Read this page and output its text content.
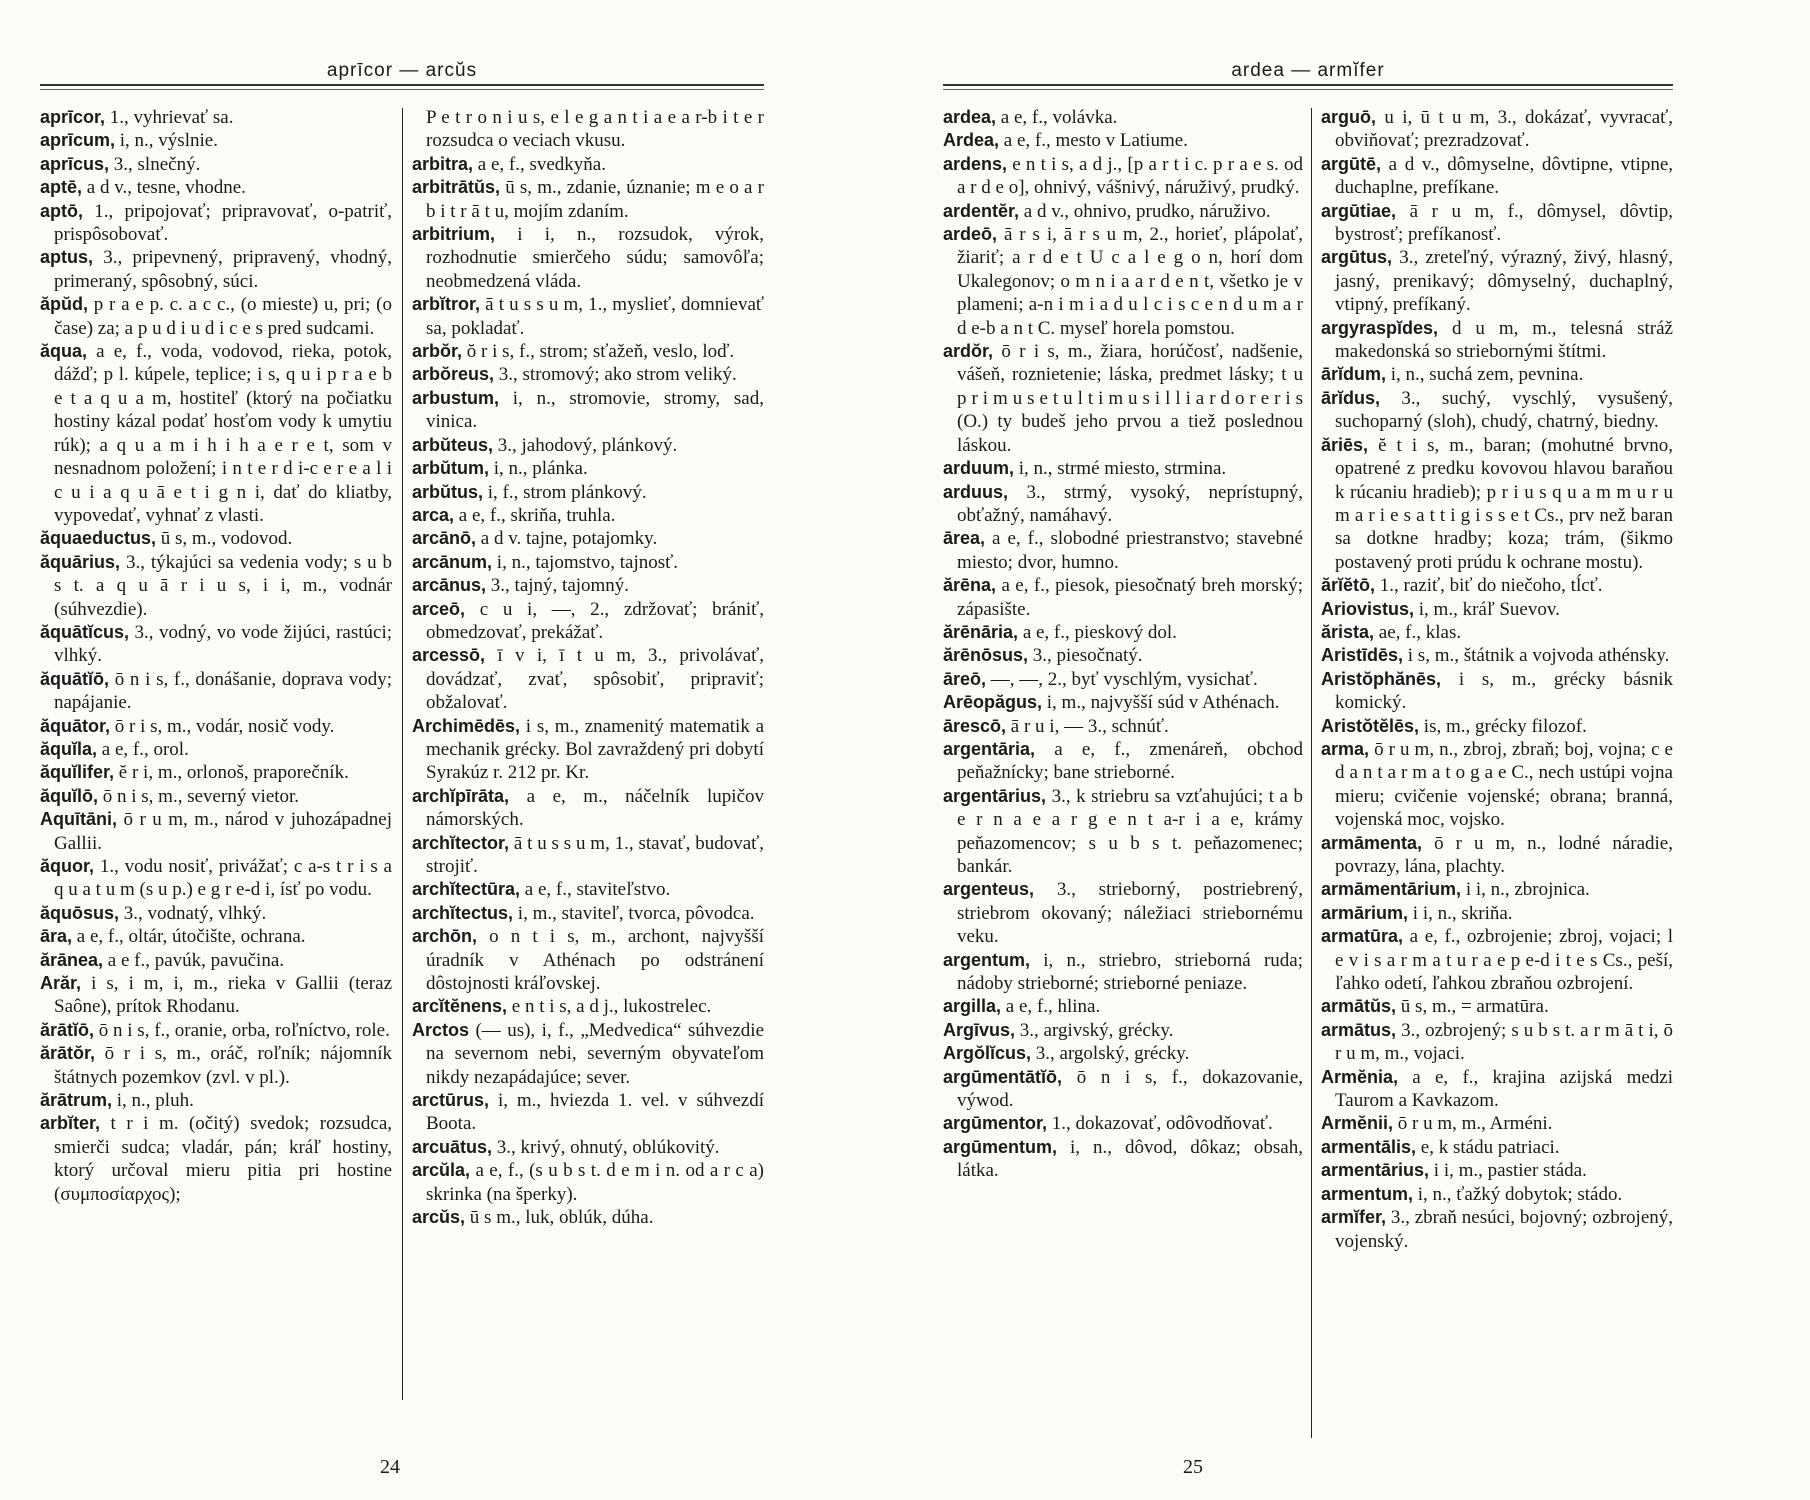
aprīcor — arcŭs
aprīcor, 1., vyhrievať sa.
aprīcum, i, n., výslnie.
aprīcus, 3., slnečný.
aptē, a d v., tesne, vhodne.
aptō, 1., pripojovať; pripravovať, o-patriť, prispôsobovať.
aptus, 3., pripevnený, pripravený, vhodný, primeraný, spôsobný, súci.
ăpŭd, p r a e p. c. a c c., (o mieste) u, pri; (o čase) za; a p u d i u d i c e s pred sudcami.
ăqua, a e, f., voda, vodovod, rieka, potok, dážď; p l. kúpele, teplice; i s, q u i p r a e b e t a q u a m, hostiteľ (ktorý na počiatku hostiny kázal podať hosťom vody k umytiu rúk); a q u a m i h i h a e r e t, som v nesnadnom položení; i n t e r d i-c e r e a l i c u i a q u ā e t i g n i, dať do kliatby, vypovedať, vyhnať z vlasti.
ăquaeductus, ū s, m., vodovod.
ăquārius, 3., týkajúci sa vedenia vody; s u b s t. a q u ā r i u s, i i, m., vodnár (súhvezdie).
ăquātĭcus, 3., vodný, vo vode žijúci, rastúci; vlhký.
ăquātĭō, ō n i s, f., donášanie, doprava vody; napájanie.
ăquātor, ō r i s, m., vodár, nosič vody.
ăquĭla, a e, f., orol.
ăquĭlifer, ĕ r i, m., orlonoš, praporečník.
ăquĭlō, ō n i s, m., severný vietor.
Aquītāni, ō r u m, m., národ v juhozápadnej Gallii.
ăquor, 1., vodu nosiť, privážať; c a-s t r i s a q u a t u m (s u p.) e g r e-d i, ísť po vodu.
ăquōsus, 3., vodnatý, vlhký.
āra, a e, f., oltár, útočište, ochrana.
ărānea, a e f., pavúk, pavučina.
Arăr, i s, i m, i, m., rieka v Gallii (teraz Saône), prítok Rhodanu.
ărātĭō, ō n i s, f., oranie, orba, roľníctvo, role.
ărātŏr, ō r i s, m., oráč, roľník; nájomník štátnych pozemkov (zvl. v pl.).
ărātrum, i, n., pluh.
arbĭter, t r i m. (očitý) svedok; rozsudca, smierči sudca; vladár, pán; kráľ hostiny, ktorý určoval mieru pitia pri hostine (συμποσίαρχος);
P e t r o n i u s, e l e g a n t i a e a r-b i t e r rozsudca o veciach vkusu.
arbitra, a e, f., svedkyňa.
arbitrātŭs, ū s, m., zdanie, úznanie; m e o a r b i t r ā t u, mojím zdaním.
arbitrium, i i, n., rozsudok, výrok, rozhodnutie smierčeho súdu; samovôľa; neobmedzená vláda.
arbĭtror, ā t u s s u m, 1., myslieť, domnievať sa, pokladať.
arbŏr, ŏ r i s, f., strom; sťažeň, veslo, loď.
arbŏreus, 3., stromový; ako strom veliký.
arbustum, i, n., stromovie, stromy, sad, vinica.
arbŭteus, 3., jahodový, plánkový.
arbŭtum, i, n., plánka.
arbŭtus, i, f., strom plánkový.
arca, a e, f., skriňa, truhla.
arcānō, a d v. tajne, potajomky.
arcānum, i, n., tajomstvo, tajnosť.
arcānus, 3., tajný, tajomný.
arceō, c u i, —, 2., zdržovať; brániť, obmedzovať, prekážať.
arcessō, ī v i, ī t u m, 3., privolávať, dovádzať, zvať, spôsobiť, pripraviť; obžalovať.
Archimēdēs, i s, m., znamenitý matematik a mechanik grécky. Bol zavraždený pri dobytí Syrakúz r. 212 pr. Kr.
archĭpīrāta, a e, m., náčelník lupičov námorských.
archĭtector, ā t u s s u m, 1., stavať, budovať, strojiť.
archĭtectūra, a e, f., staviteľstvo.
archĭtectus, i, m., staviteľ, tvorca, pôvodca.
archōn, o n t i s, m., archont, najvyšší úradník v Athénach po odstránení dôstojnosti kráľovskej.
arcĭtĕnens, e n t i s, a d j., lukostrelec.
Arctos (— us), i, f., „Medvedica“ súhvezdie na severnom nebi, severným obyvateľom nikdy nezapádajúce; sever.
arctūrus, i, m., hviezda 1. vel. v súhvezdí Boota.
arcuātus, 3., krivý, ohnutý, oblúkovitý.
arcŭla, a e, f., (s u b s t. d e m i n. od a r c a) skrinka (na šperky).
arcŭs, ū s m., luk, oblúk, dúha.
24
ardea — armĭfer
ardea, a e, f., volávka.
Ardea, a e, f., mesto v Latiume.
ardens, e n t i s, a d j., [p a r t i c. p r a e s. od a r d e o], ohnivý, vášnivý, náruživý, prudký.
ardentĕr, a d v., ohnivo, prudko, náruživo.
ardeō, ā r s i, ā r s u m, 2., horieť, plápolať, žiariť; a r d e t U c a l e g o n, horí dom Ukalegonov; o m n i a a r d e n t, všetko je v plameni; a-n i m i a d u l c i s c e n d u m a r d e-b a n t C. myseľ horela pomstou.
ardŏr, ō r i s, m., žiara, horúčosť, nadšenie, vášeň, roznietenie; láska, predmet lásky; t u p r i m u s e t u l t i m u s i l l i a r d o r e r i s (O.) ty budeš jeho prvou a tiež poslednou láskou.
arduum, i, n., strmé miesto, strmina.
arduus, 3., strmý, vysoký, neprístupný, obťažný, namáhavý.
ārea, a e, f., slobodné priestranstvo; stavebné miesto; dvor, humno.
ărēna, a e, f., piesok, piesočnatý breh morský; zápasište.
ărēnāria, a e, f., pieskový dol.
ărēnōsus, 3., piesočnatý.
āreō, —, —, 2., byť vyschlým, vysichať.
Arēopăgus, i, m., najvyšší súd v Athénach.
ārescō, ā r u i, — 3., schnúť.
argentāria, a e, f., zmenáreň, obchod peňažnícky; bane strieborné.
argentārius, 3., k striebru sa vzťahujúci; t a b e r n a e a r g e n t a-r i a e, krámy peňazomencov; s u b s t. peňazomenec; bankár.
argenteus, 3., strieborný, postriebrený, striebrom okovaný; náležiaci striebornému veku.
argentum, i, n., striebro, strieborná ruda; nádoby strieborné; strieborné peniaze.
argilla, a e, f., hlina.
Argīvus, 3., argivský, grécky.
Argŏlĭcus, 3., argolský, grécky.
argūmentātĭō, ō n i s, f., dokazovanie, výwod.
argūmentor, 1., dokazovať, odôvodňovať.
argūmentum, i, n., dôvod, dôkaz; obsah, látka.
arguō, u i, ū t u m, 3., dokázať, vyvracať, obviňovať; prezradzovať.
argūtē, a d v., dômyselne, dôvtipne, vtipne, duchaplne, prefíkane.
argūtiae, ā r u m, f., dômysel, dôvtip, bystrosť; prefíkanosť.
argūtus, 3., zreteľný, výrazný, živý, hlasný, jasný, prenikavý; dômyselný, duchaplný, vtipný, prefíkaný.
argyraspĭdes, d u m, m., telesná stráž makedonská so striebornými štítmi.
ārĭdum, i, n., suchá zem, pevnina.
ārĭdus, 3., suchý, vyschlý, vysušený, suchoparný (sloh), chudý, chatrný, biedny.
ăriēs, ĕ t i s, m., baran; (mohutné brvno, opatrené z predku kovovou hlavou baraňou k rúcaniu hradieb); p r i u s q u a m m u r u m a r i e s a t t i g i s s e t Cs., prv než baran sa dotkne hradby; koza; trám, (šikmo postavený proti prúdu k ochrane mostu).
ărĭĕtō, 1., raziť, biť do niečoho, tĺcť.
Ariovistus, i, m., kráľ Suevov.
ărista, ae, f., klas.
Aristīdēs, i s, m., štátnik a vojvoda athénsky.
Aristŏphănēs, i s, m., grécky básnik komický.
Aristŏtĕlēs, is, m., grécky filozof.
arma, ō r u m, n., zbroj, zbraň; boj, vojna; c e d a n t a r m a t o g a e C., nech ustúpi vojna mieru; cvičenie vojenské; obrana; branná, vojenská moc, vojsko.
armāmenta, ō r u m, n., lodné náradie, povrazy, lána, plachty.
armāmentārium, i i, n., zbrojnica.
armārium, i i, n., skriňa.
armatūra, a e, f., ozbrojenie; zbroj, vojaci; l e v i s a r m a t u r a e p e-d i t e s Cs., peší, ľahko odetí, ľahkou zbraňou ozbrojení.
armātŭs, ū s, m., = armatūra.
armātus, 3., ozbrojený; s u b s t. a r m ā t i, ō r u m, m., vojaci.
Armĕnia, a e, f., krajina azijská medzi Taurom a Kavkazom.
Armĕnii, ō r u m, m., Arméni.
armentālis, e, k stádu patriaci.
armentārius, i i, m., pastier stáda.
armentum, i, n., ťažký dobytok; stádo.
armĭfer, 3., zbraň nesúci, bojovný; ozbrojený, vojenský.
25
